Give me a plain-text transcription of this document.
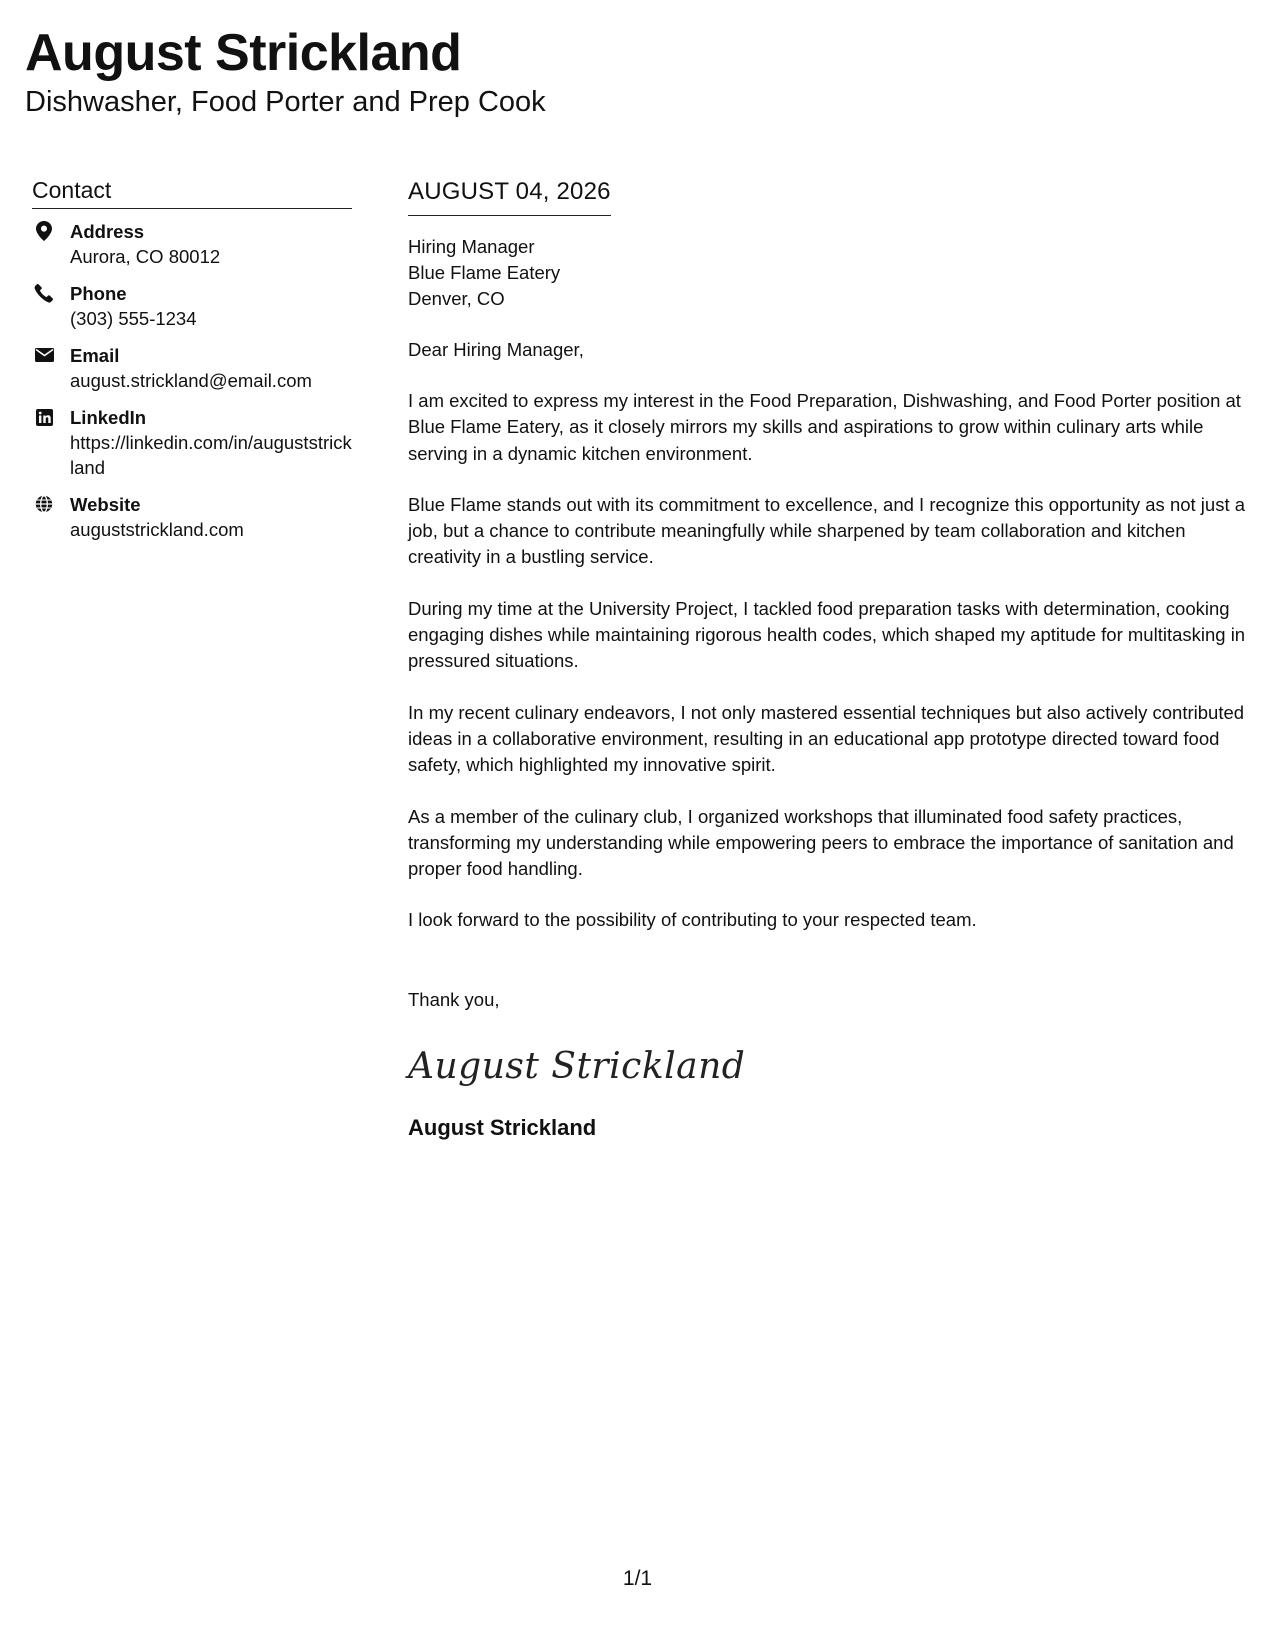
August Strickland
Dishwasher, Food Porter and Prep Cook
Contact
Address
Aurora, CO 80012
Phone
(303) 555-1234
Email
august.strickland@email.com
LinkedIn
https://linkedin.com/in/auguststrickland
Website
auguststrickland.com
AUGUST 04, 2026
Hiring Manager
Blue Flame Eatery
Denver, CO
Dear Hiring Manager,
I am excited to express my interest in the Food Preparation, Dishwashing, and Food Porter position at Blue Flame Eatery, as it closely mirrors my skills and aspirations to grow within culinary arts while serving in a dynamic kitchen environment.
Blue Flame stands out with its commitment to excellence, and I recognize this opportunity as not just a job, but a chance to contribute meaningfully while sharpened by team collaboration and kitchen creativity in a bustling service.
During my time at the University Project, I tackled food preparation tasks with determination, cooking engaging dishes while maintaining rigorous health codes, which shaped my aptitude for multitasking in pressured situations.
In my recent culinary endeavors, I not only mastered essential techniques but also actively contributed ideas in a collaborative environment, resulting in an educational app prototype directed toward food safety, which highlighted my innovative spirit.
As a member of the culinary club, I organized workshops that illuminated food safety practices, transforming my understanding while empowering peers to embrace the importance of sanitation and proper food handling.
I look forward to the possibility of contributing to your respected team.
Thank you,
August Strickland
August Strickland
1/1
